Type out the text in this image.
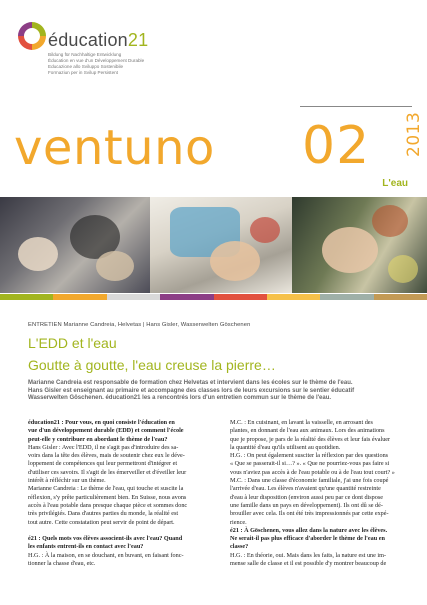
éducation21
Bildung für Nachhaltige Entwicklung
Éducation en vue d'un Développement Durable
Educazione allo Sviluppo Sostenibile
Formaziun per in Svilup Persistent
ventuno 02 2013
L'eau
ENTRETIEN Marianne Candreia, Helvetas | Hans Gisler, Wasserwelten Göschenen
L'EDD et l'eau
Goutte à goutte, l'eau creuse la pierre…
Marianne Candreia est responsable de formation chez Helvetas et intervient dans les écoles sur le thème de l'eau.
Hans Gisler est enseignant au primaire et accompagne des classes lors de leurs excursions sur le sentier éducatif
Wasserwelten Göschenen. éducation21 les a rencontrés lors d'un entretien commun sur le thème de l'eau.
éducation21 : Pour vous, en quoi consiste l'éducation en
vue d'un développement durable (EDD) et comment l'école
peut-elle y contribuer en abordant le thème de l'eau?
Hans Gisler : Avec l'EDD, il ne s'agit pas d'introduire des sa-
voirs dans la tête des élèves, mais de soutenir chez eux le déve-
loppement de compétences qui leur permettront d'intégrer et
d'utiliser ces savoirs. Il s'agit de les émerveiller et d'éveiller leur
intérêt à réfléchir sur un thème.
Marianne Candreia : Le thème de l'eau, qui touche et suscite la
réflexion, s'y prête particulièrement bien. En Suisse, nous avons
accès à l'eau potable dans presque chaque pièce et sommes donc
très privilégiés. Dans d'autres parties du monde, la réalité est
tout autre. Cette constatation peut servir de point de départ.

é21 : Quels mots vos élèves associent-ils avec l'eau? Quand
les enfants entrent-ils en contact avec l'eau?
H.G. : À la maison, en se douchant, en buvant, en faisant fonc-
tionner la chasse d'eau, etc.
M.C. : En cuisinant, en lavant la vaisselle, en arrosant des
plantes, en donnant de l'eau aux animaux. Lors des animations
que je propose, je pars de la réalité des élèves et leur fais évaluer
la quantité d'eau qu'ils utilisent au quotidien.
H.G. : On peut également susciter la réflexion par des questions
« Que se passerait-il si…? ». « Que ne pourriez-vous pas faire si
vous n'aviez pas accès à de l'eau potable ou à de l'eau tout court? »
M.C. : Dans une classe d'économie familiale, j'ai une fois coupé
l'arrivée d'eau. Les élèves n'avaient qu'une quantité restreinte
d'eau à leur disposition (environ aussi peu par ce dont dispose
une famille dans un pays en développement). Ils ont dû se dé-
brouiller avec cela. Ils ont été très impressionnés par cette expé-
rience.
é21 : À Göschenen, vous allez dans la nature avec les élèves.
Ne serait-il pas plus efficace d'aborder le thème de l'eau en
classe?
H.G. : En théorie, oui. Mais dans les faits, la nature est une im-
mense salle de classe et il est possible d'y montrer beaucoup de
